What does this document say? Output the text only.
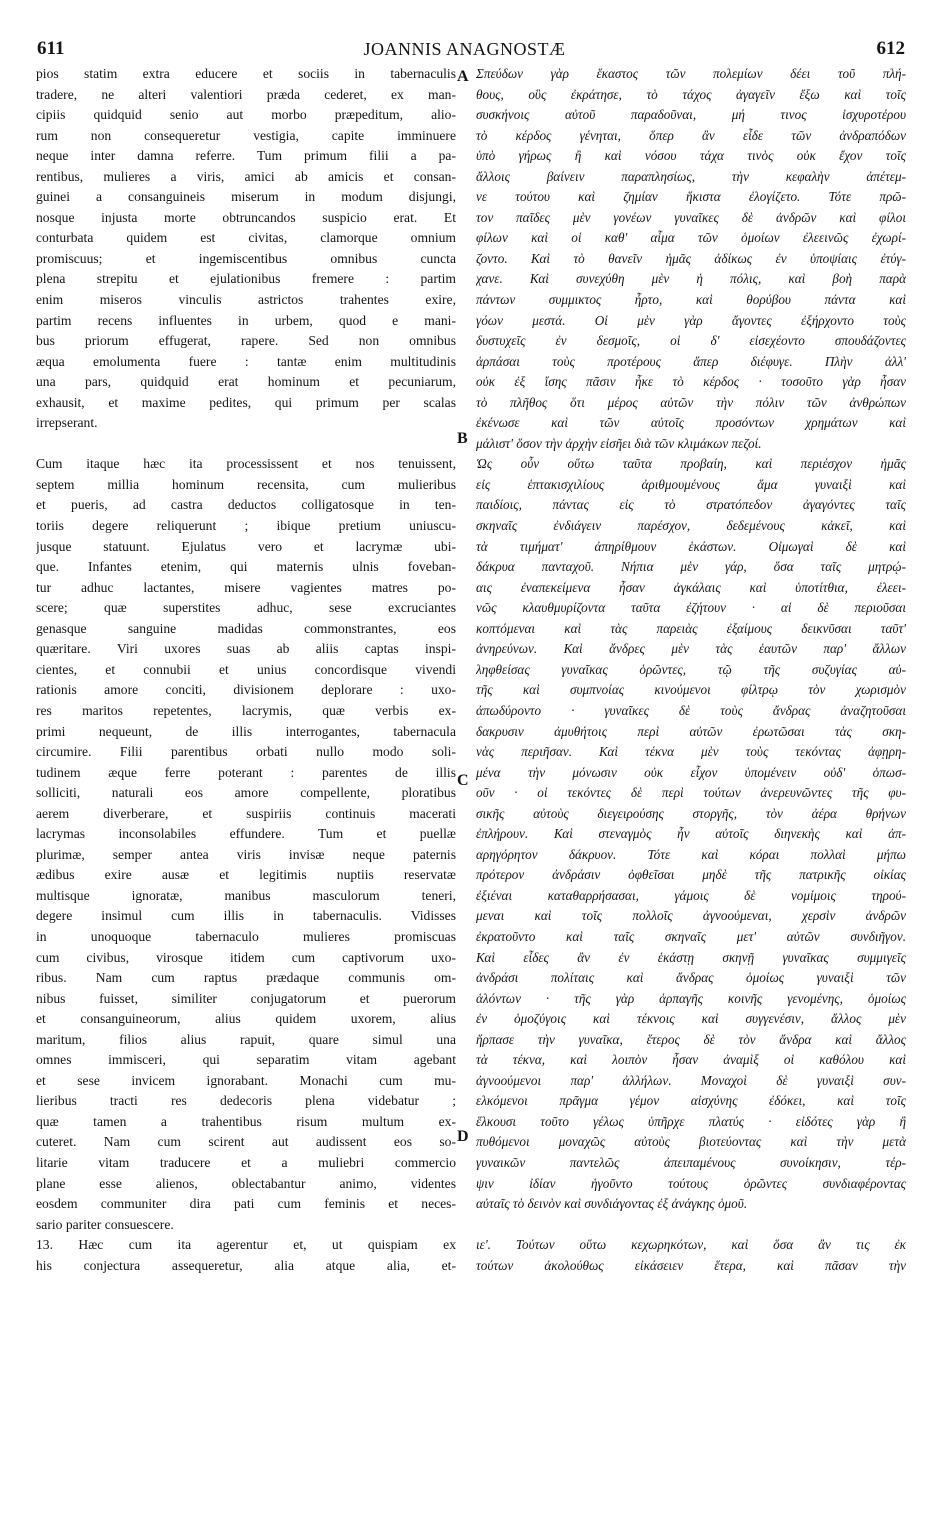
611	JOANNIS ANAGNOSTÆ	612
A
B
C
D
pios statim extra educere et sociis in tabernaculis
tradere, ne alteri valentiori præda cederet, ex man-
cipiis quidquid senio aut morbo præpeditum, alio-
rum non consequeretur vestigia, capite imminuere
neque inter damna referre. Tum primum filii a pa-
rentibus, mulieres a viris, amici ab amicis et consan-
guinei a consanguineis miserum in modum disjungi,
nosque injusta morte obtruncandos suspicio erat. Et
conturbata quidem est civitas, clamorque omnium
promiscuus; et ingemiscentibus omnibus cuncta
plena strepitu et ejulationibus fremere : partim
enim miseros vinculis astrictos trahentes exire,
partim recens influentes in urbem, quod e mani-
bus priorum effugerat, rapere. Sed non omnibus
æqua emolumenta fuere : tantæ enim multitudinis
una pars, quidquid erat hominum et pecuniarum,
exhausit, et maxime pedites, qui primum per scalas
irrepserant.
Cum itaque hæc ita processissent et nos tenuissent,
septem millia hominum recensita, cum mulieribus
et pueris, ad castra deductos colligatosque in ten-
toriis degere reliquerunt ; ibique pretium uniuscu-
jusque statuunt. Ejulatus vero et lacrymæ ubi-
que. Infantes etenim, qui maternis ulnis foveban-
tur adhuc lactantes, misere vagientes matres po-
scere; quæ superstites adhuc, sese excruciantes
genasque sanguine madidas commonstrantes, eos
quæritare. Viri uxores suas ab aliis captas inspi-
cientes, et connubii et unius concordisque vivendi
rationis amore conciti, divisionem deplorare : uxo-
res maritos repetentes, lacrymis, quæ verbis ex-
primi nequeunt, de illis interrogantes, tabernacula
circumire. Filii parentibus orbati nullo modo soli-
tudinem æque ferre poterant : parentes de illis
solliciti, naturali eos amore compellente, ploratibus
aerem diverberare, et suspiriis continuis macerati
lacrymas inconsolabiles effundere. Tum et puellæ
plurimæ, semper antea viris invisæ neque paternis
ædibus exire ausæ et legitimis nuptiis reservatæ
multisque ignoratæ, manibus masculorum teneri,
degere insimul cum illis in tabernaculis. Vidisses
in unoquoque tabernaculo mulieres promiscuas
cum civibus, virosque itidem cum captivorum uxo-
ribus. Nam cum raptus prædaque communis om-
nibus fuisset, similiter conjugatorum et puerorum
et consanguineorum, alius quidem uxorem, alius
maritum, filios alius rapuit, quare simul una
omnes immisceri, qui separatim vitam agebant
et sese invicem ignorabant. Monachi cum mu-
lieribus tracti res dedecoris plena videbatur ;
quæ tamen a trahentibus risum multum ex-
cuteret. Nam cum scirent aut audissent eos so-
litarie vitam traducere et a muliebri commercio
plane esse alienos, oblectabantur animo, videntes
eosdem communiter dira pati cum feminis et neces-
sario pariter consuescere.
13. Hæc cum ita agerentur et, ut quispiam ex
his conjectura assequeretur, alia atque alia, et-
Σπεύδων γὰρ ἕκαστος τῶν πολεμίων δέει τοῦ πλή-
θους, οὓς ἐκράτησε, τὸ τάχος ἀγαγεῖν ἔξω καὶ τοῖς
συσκήνοις αὐτοῦ παραδοῦναι, μή τινος ἰσχυροτέρου
τὸ κέρδος γένηται, ὅπερ ἂν εἶδε τῶν ἀνδραπόδων
ὑπὸ γήρως ἢ καὶ νόσου τάχα τινὸς οὐκ ἔχον τοῖς
ἄλλοις βαίνειν παραπλησίως, τὴν κεφαλὴν ἀπέτεμ-
νε τούτου καὶ ζημίαν ἥκιστα ἐλογίζετο. Τότε πρῶ-
τον παῖδες μὲν γονέων γυναῖκες δὲ ἀνδρῶν καὶ φίλοι
φίλων καὶ οἱ καθ' αἷμα τῶν ὁμοίων ἐλεεινῶς ἐχωρί-
ζοντο. Καὶ τὸ θανεῖν ἡμᾶς ἀδίκως ἐν ὑποψίαις ἐτύγ-
χανε. Καὶ συνεχύθη μὲν ἡ πόλις, καὶ βοὴ παρὰ
πάντων συμμικτος ἦρτο, καὶ θορύβου πάντα καὶ
γόων μεστά. Οἱ μὲν γὰρ ἄγοντες ἐξήρχοντο τοὺς
δυστυχεῖς ἐν δεσμοῖς, οἱ δ' εἰσεχέοντο σπουδάζοντες
ἁρπάσαι τοὺς προτέρους ἅπερ διέφυγε. Πλὴν ἀλλ'
οὐκ ἐξ ἴσης πᾶσιν ἧκε τὸ κέρδος · τοσοῦτο γὰρ ἦσαν
τὸ πλῆθος ὅτι μέρος αὐτῶν τὴν πόλιν τῶν ἀνθρώπων
ἐκένωσε καὶ τῶν αὐτοῖς προσόντων χρημάτων καὶ
μάλιστ' ὅσον τὴν ἀρχὴν εἰσῆει διὰ τῶν κλιμάκων πεζοί.
Ὡς οὖν οὕτω ταῦτα προβαίη, καὶ περιέσχον ἡμᾶς
εἰς ἑπτακισχιλίους ἀριθμουμένους ἅμα γυναιξὶ καὶ
παιδίοις, πάντας εἰς τὸ στρατόπεδον ἀγαγόντες ταῖς
σκηναῖς ἐνδιάγειν παρέσχον, δεδεμένους κἀκεῖ, καὶ
τὰ τιμήματ' ἀπηρίθμουν ἑκάστων. Οἰμωγαὶ δὲ καὶ
δάκρυα πανταχοῦ. Νήπια μὲν γάρ, ὅσα ταῖς μητρῴ-
αις ἐναπεκείμενα ἦσαν ἀγκάλαις καὶ ὑποτίτθια, ἐλεει-
νῶς κλαυθμυρίζοντα ταῦτα ἐζήτουν · αἱ δὲ περιοῦσαι
κοπτόμεναι καὶ τὰς παρειὰς ἐξαίμους δεικνῦσαι ταῦτ'
ἀνηρεύνων. Καὶ ἄνδρες μὲν τὰς ἑαυτῶν παρ' ἄλλων
ληφθείσας γυναῖκας ὁρῶντες, τῷ τῆς συζυγίας αὐ-
τῆς καὶ συμπνοίας κινούμενοι φίλτρῳ τὸν χωρισμὸν
ἀπωδύροντο · γυναῖκες δὲ τοὺς ἄνδρας ἀναζητοῦσαι
δακρυσιν ἀμυθήτοις περὶ αὐτῶν ἐρωτῶσαι τὰς σκη-
νὰς περιῆσαν. Καὶ τέκνα μὲν τοὺς τεκόντας ἀφῃρη-
μένα τὴν μόνωσιν οὐκ εἶχον ὑπομένειν οὐδ' ὁπωσ-
οῦν · οἱ τεκόντες δὲ περὶ τούτων ἀνερευνῶντες τῆς φυ-
σικῆς αὐτοὺς διεγειρούσης στοργῆς, τὸν ἀέρα θρήνων
ἐπλήρουν. Καὶ στεναγμὸς ἦν αὐτοῖς διηνεκὴς καὶ ἀπ-
αρηγόρητον δάκρυον. Τότε καὶ κόραι πολλαὶ μήπω
πρότερον ἀνδράσιν ὀφθεῖσαι μηδὲ τῆς πατρικῆς οἰκίας
ἐξιέναι καταθαρρήσασαι, γάμοις δὲ νομίμοις τηρού-
μεναι καὶ τοῖς πολλοῖς ἀγνοούμεναι, χερσὶν ἀνδρῶν
ἐκρατοῦντο καὶ ταῖς σκηναῖς μετ' αὐτῶν συνδιῆγον.
Καὶ εἶδες ἂν ἐν ἑκάστῃ σκηνῇ γυναῖκας συμμιγεῖς
ἀνδράσι πολίταις καὶ ἄνδρας ὁμοίως γυναιξὶ τῶν
ἁλόντων · τῆς γὰρ ἁρπαγῆς κοινῆς γενομένης, ὁμοίως
ἐν ὁμοζύγοις καὶ τέκνοις καὶ συγγενέσιν, ἄλλος μὲν
ἥρπασε τὴν γυναῖκα, ἕτερος δὲ τὸν ἄνδρα καὶ ἄλλος
τὰ τέκνα, καὶ λοιπὸν ἦσαν ἀναμὶξ οἱ καθόλου καὶ
ἀγνοούμενοι παρ' ἀλλήλων. Μοναχοὶ δὲ γυναιξὶ συν-
ελκόμενοι πρᾶγμα γέμον αἰσχύνης ἐδόκει, καὶ τοῖς
ἕλκουσι τοῦτο γέλως ὑπῆρχε πλατύς · εἰδότες γὰρ ἢ
πυθόμενοι μοναχῶς αὐτοὺς βιοτεύοντας καὶ τὴν μετὰ
γυναικῶν παντελῶς ἀπειπαμένους συνοίκησιν, τέρ-
ψιν ἰδίαν ἡγοῦντο τούτους ὁρῶντες συνδιαφέροντας
αὐταῖς τὸ δεινὸν καὶ συνδιάγοντας ἐξ ἀνάγκης ὁμοῦ.
ιε'. Τούτων οὕτω κεχωρηκότων, καὶ ὅσα ἂν τις ἐκ
τούτων ἀκολούθως εἰκάσειεν ἕτερα, καὶ πᾶσαν τὴν
